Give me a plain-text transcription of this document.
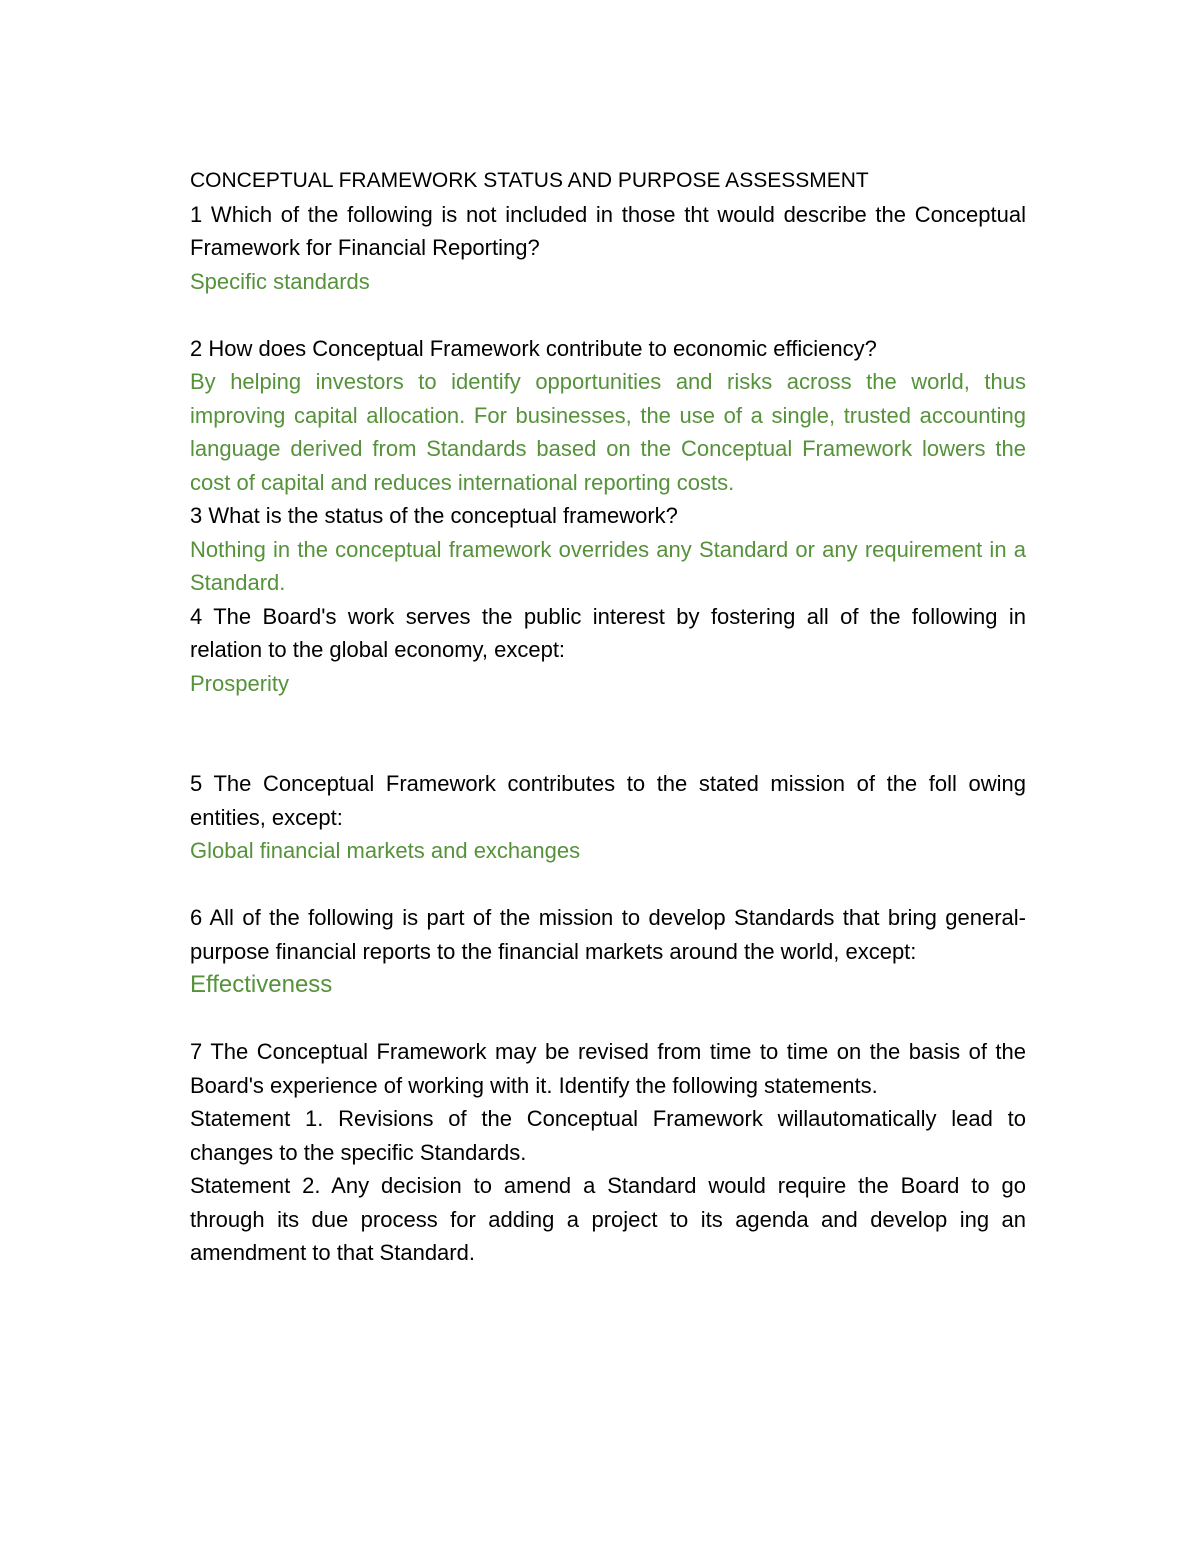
CONCEPTUAL FRAMEWORK STATUS AND PURPOSE ASSESSMENT

1 Which of the following is not included in those tht would describe the Conceptual Framework for Financial Reporting?

Specific standards

2 How does Conceptual Framework contribute to economic efficiency?

By helping investors to identify opportunities and risks across the world, thus improving capital allocation. For businesses, the use of a single, trusted accounting language derived from Standards based on the Conceptual Framework lowers the cost of capital and reduces international reporting costs.

3 What is the status of the conceptual framework?

Nothing in the conceptual framework overrides any Standard or any requirement in a Standard.

4 The Board's work serves the public interest by fostering all of the following in relation to the global economy, except:

Prosperity

5 The Conceptual Framework contributes to the stated mission of the foll owing entities, except:

Global financial markets and exchanges

6 All of the following is part of the mission to develop Standards that bring general-purpose financial reports to the financial markets around the world, except:

Effectiveness

7 The Conceptual Framework may be revised from time to time on the basis of the Board's experience of working with it. Identify the following statements.

Statement 1. Revisions of the Conceptual Framework willautomatically lead to changes to the specific Standards.

Statement 2. Any decision to amend a Standard would require the Board to go through its due process for adding a project to its agenda and develop ing an amendment to that Standard.
